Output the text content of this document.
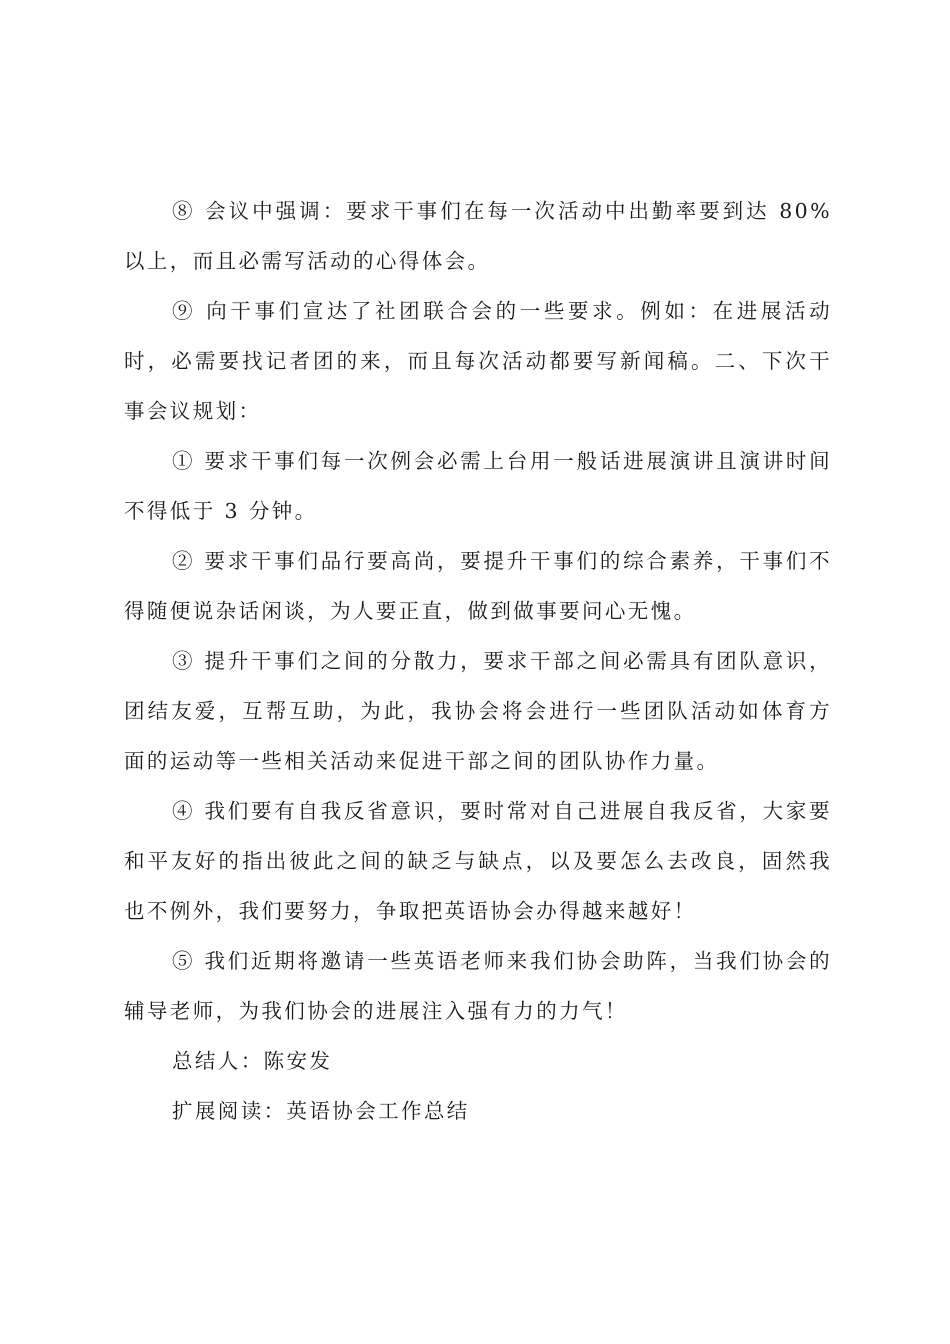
⑧ 会议中强调：要求干事们在每一次活动中出勤率要到达 80%以上，而且必需写活动的心得体会。

⑨ 向干事们宣达了社团联合会的一些要求。例如：在进展活动时，必需要找记者团的来，而且每次活动都要写新闻稿。二、下次干事会议规划：

① 要求干事们每一次例会必需上台用一般话进展演讲且演讲时间不得低于 3 分钟。

② 要求干事们品行要高尚，要提升干事们的综合素养，干事们不得随便说杂话闲谈，为人要正直，做到做事要问心无愧。

③ 提升干事们之间的分散力，要求干部之间必需具有团队意识，团结友爱，互帮互助，为此，我协会将会进行一些团队活动如体育方面的运动等一些相关活动来促进干部之间的团队协作力量。

④ 我们要有自我反省意识，要时常对自己进展自我反省，大家要和平友好的指出彼此之间的缺乏与缺点，以及要怎么去改良，固然我也不例外，我们要努力，争取把英语协会办得越来越好！

⑤ 我们近期将邀请一些英语老师来我们协会助阵，当我们协会的辅导老师，为我们协会的进展注入强有力的力气！

总结人：陈安发

扩展阅读：英语协会工作总结
